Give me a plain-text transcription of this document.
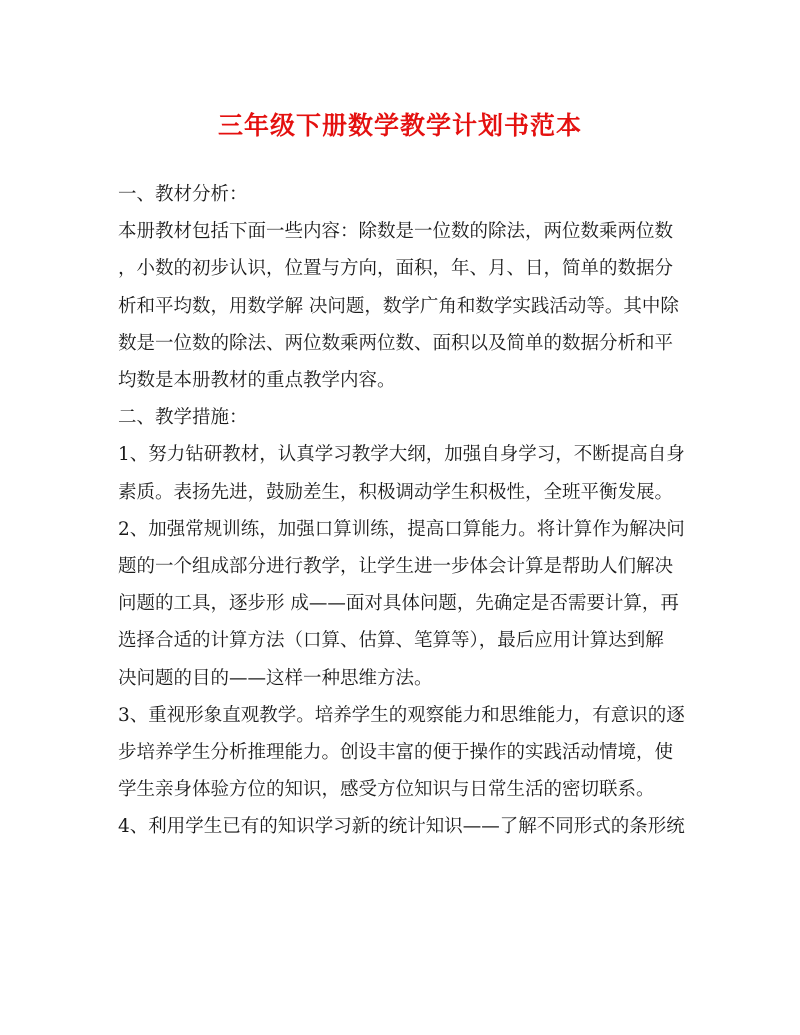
三年级下册数学教学计划书范本
一、教材分析：
本册教材包括下面一些内容：除数是一位数的除法，两位数乘两位数
，小数的初步认识，位置与方向，面积，年、月、日，简单的数据分
析和平均数，用数学解 决问题，数学广角和数学实践活动等。其中除
数是一位数的除法、两位数乘两位数、面积以及简单的数据分析和平
均数是本册教材的重点教学内容。
二、教学措施：
1、努力钻研教材，认真学习教学大纲，加强自身学习，不断提高自身
素质。表扬先进，鼓励差生，积极调动学生积极性，全班平衡发展。
2、加强常规训练，加强口算训练，提高口算能力。将计算作为解决问
题的一个组成部分进行教学，让学生进一步体会计算是帮助人们解决
问题的工具，逐步形 成——面对具体问题，先确定是否需要计算，再
选择合适的计算方法（口算、估算、笔算等），最后应用计算达到解
决问题的目的——这样一种思维方法。
3、重视形象直观教学。培养学生的观察能力和思维能力，有意识的逐
步培养学生分析推理能力。创设丰富的便于操作的实践活动情境，使
学生亲身体验方位的知识，感受方位知识与日常生活的密切联系。
4、利用学生已有的知识学习新的统计知识——了解不同形式的条形统
